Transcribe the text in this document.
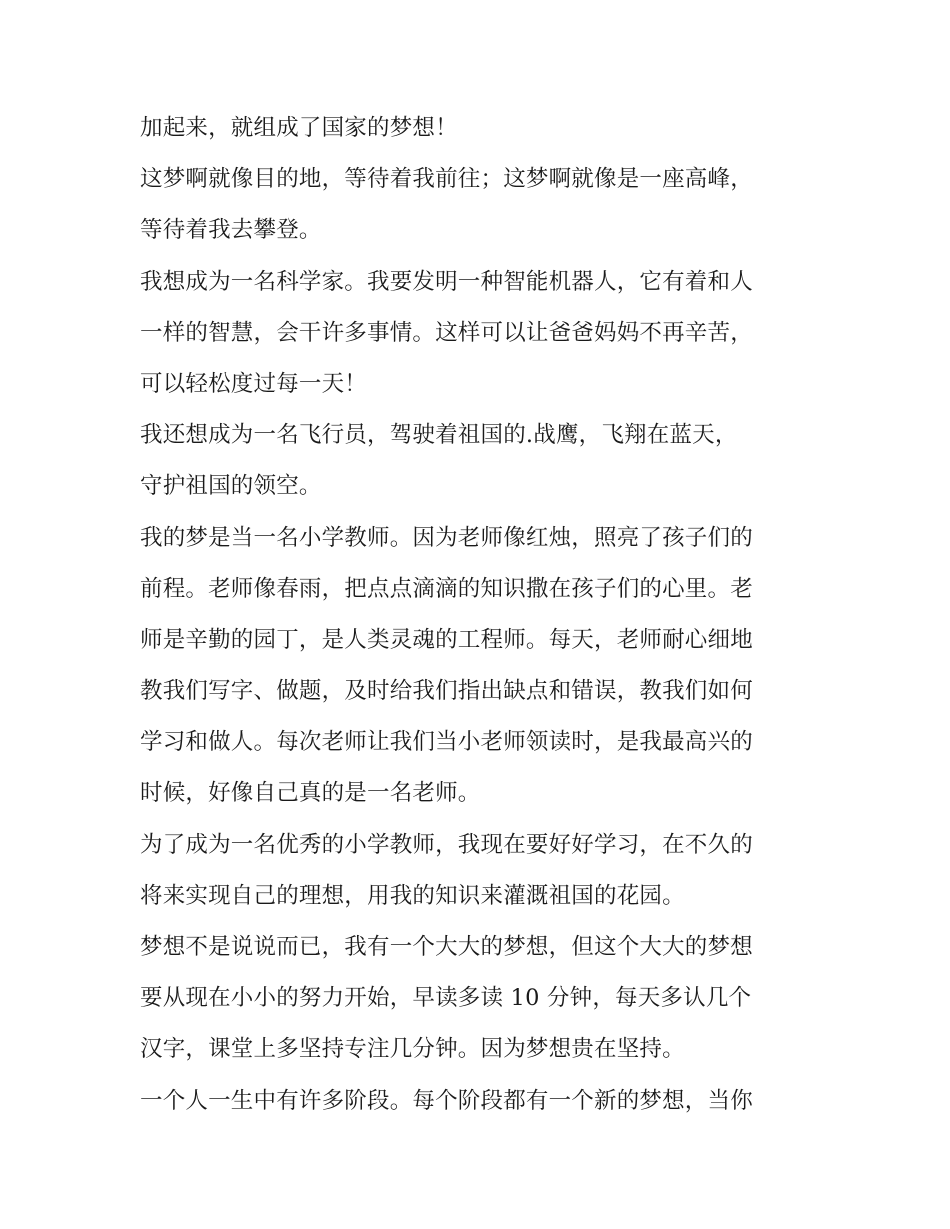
加起来，就组成了国家的梦想！
这梦啊就像目的地，等待着我前往；这梦啊就像是一座高峰，
等待着我去攀登。
我想成为一名科学家。我要发明一种智能机器人，它有着和人
一样的智慧，会干许多事情。这样可以让爸爸妈妈不再辛苦，
可以轻松度过每一天！
我还想成为一名飞行员，驾驶着祖国的.战鹰，飞翔在蓝天，
守护祖国的领空。
我的梦是当一名小学教师。因为老师像红烛，照亮了孩子们的
前程。老师像春雨，把点点滴滴的知识撒在孩子们的心里。老
师是辛勤的园丁，是人类灵魂的工程师。每天，老师耐心细地
教我们写字、做题，及时给我们指出缺点和错误，教我们如何
学习和做人。每次老师让我们当小老师领读时，是我最高兴的
时候，好像自己真的是一名老师。
为了成为一名优秀的小学教师，我现在要好好学习，在不久的
将来实现自己的理想，用我的知识来灌溉祖国的花园。
梦想不是说说而已，我有一个大大的梦想，但这个大大的梦想
要从现在小小的努力开始，早读多读 10 分钟，每天多认几个
汉字，课堂上多坚持专注几分钟。因为梦想贵在坚持。
一个人一生中有许多阶段。每个阶段都有一个新的梦想，当你
